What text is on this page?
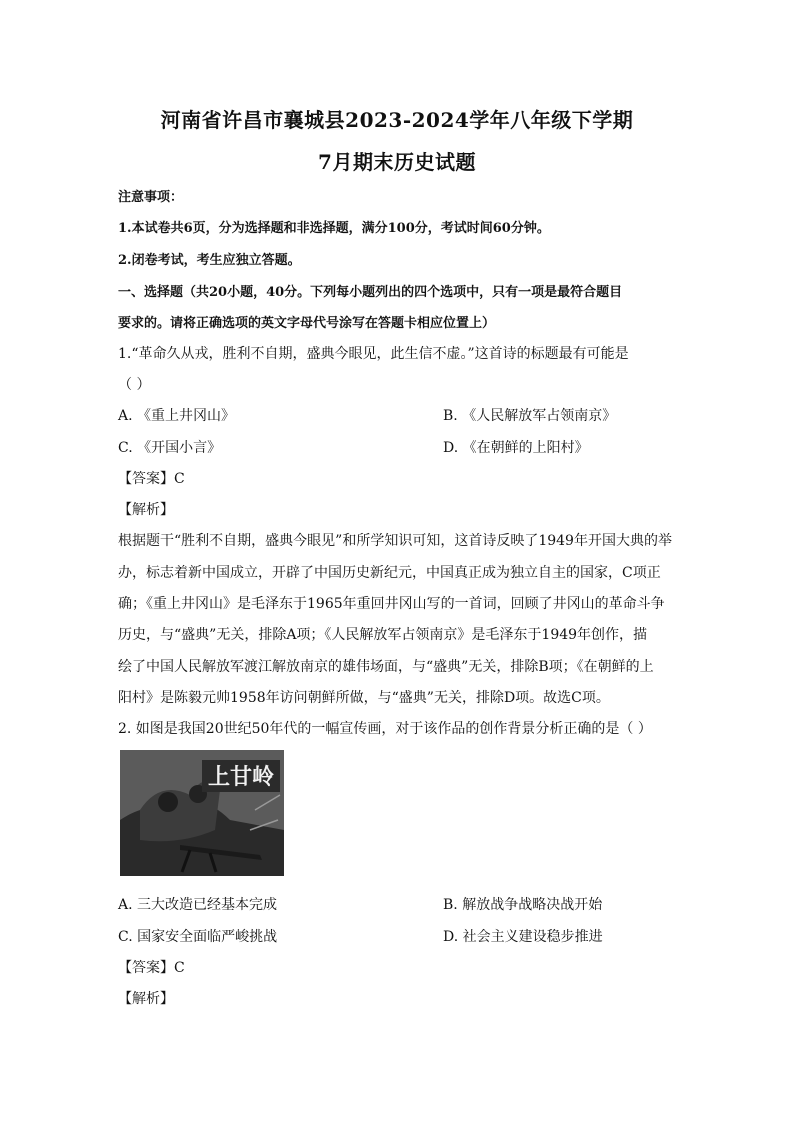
河南省许昌市襄城县2023-2024学年八年级下学期
7月期末历史试题
注意事项：
1.本试卷共6页，分为选择题和非选择题，满分100分，考试时间60分钟。
2.闭卷考试，考生应独立答题。
一、选择题（共20小题，40分。下列每小题列出的四个选项中，只有一项是最符合题目
要求的。请将正确选项的英文字母代号涂写在答题卡相应位置上）
1.“革命久从戎，胜利不自期，盛典今眼见，此生信不虚。”这首诗的标题最有可能是
（ ）
A. 《重上井冈山》	B. 《人民解放军占领南京》
C. 《开国小言》	D. 《在朝鲜的上阳村》
【答案】C
【解析】
根据题干“胜利不自期，盛典今眼见”和所学知识可知，这首诗反映了1949年开国大典的举
办，标志着新中国成立，开辟了中国历史新纪元，中国真正成为独立自主的国家，C项正
确；《重上井冈山》是毛泽东于1965年重回井冈山写的一首词，回顾了井冈山的革命斗争
历史，与“盛典”无关，排除A项；《人民解放军占领南京》是毛泽东于1949年创作，描
绘了中国人民解放军渡江解放南京的雄伟场面，与“盛典”无关，排除B项；《在朝鲜的上
阳村》是陈毅元帅1958年访问朝鲜所做，与“盛典”无关，排除D项。故选C项。
2. 如图是我国20世纪50年代的一幅宣传画，对于该作品的创作背景分析正确的是（ ）
上甘岭
A. 三大改造已经基本完成	B. 解放战争战略决战开始
C. 国家安全面临严峻挑战	D. 社会主义建设稳步推进
【答案】C
【解析】
